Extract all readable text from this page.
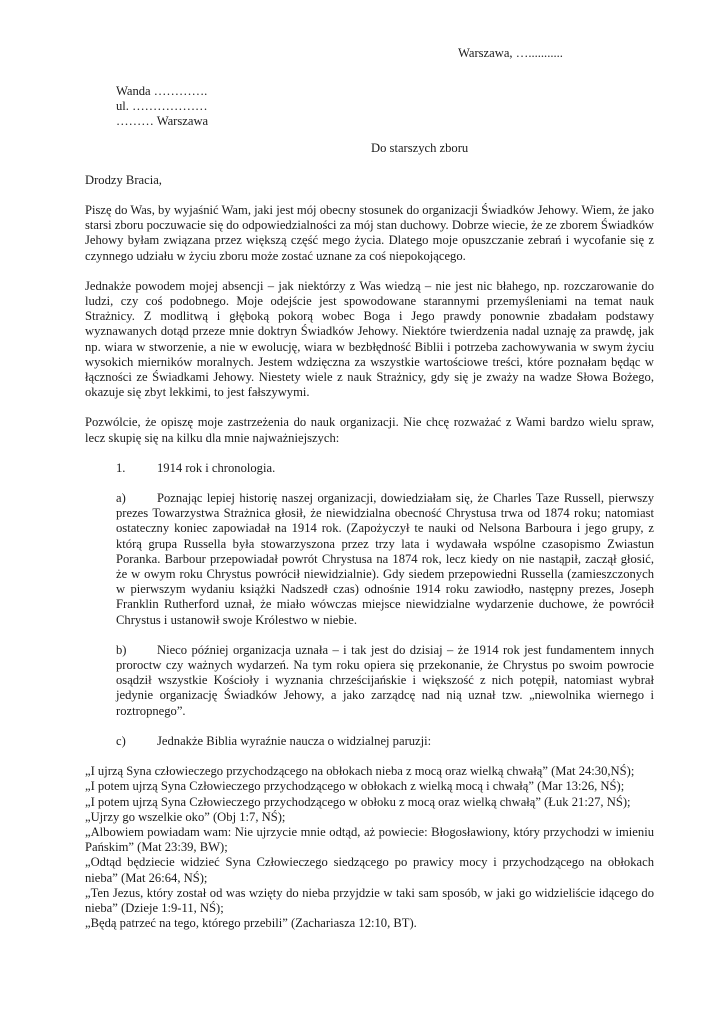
Warszawa, …...........
Wanda ………….
ul. ………………
……… Warszawa
Do starszych zboru
Drodzy Bracia,

Piszę do Was, by wyjaśnić Wam, jaki jest mój obecny stosunek do organizacji Świadków Jehowy. Wiem, że jako starsi zboru poczuwacie się do odpowiedzialności za mój stan duchowy. Dobrze wiecie, że ze zborem Świadków Jehowy byłam związana przez większą część mego życia. Dlatego moje opuszczanie zebrań i wycofanie się z czynnego udziału w życiu zboru może zostać uznane za coś niepokojącego.

Jednakże powodem mojej absencji – jak niektórzy z Was wiedzą – nie jest nic błahego, np. rozczarowanie do ludzi, czy coś podobnego. Moje odejście jest spowodowane starannymi przemyśleniami na temat nauk Strażnicy. Z modlitwą i głęboką pokorą wobec Boga i Jego prawdy ponownie zbadałam podstawy wyznawanych dotąd przeze mnie doktryn Świadków Jehowy. Niektóre twierdzenia nadal uznaję za prawdę, jak np. wiara w stworzenie, a nie w ewolucję, wiara w bezbłędność Biblii i potrzeba zachowywania w swym życiu wysokich mierników moralnych. Jestem wdzięczna za wszystkie wartościowe treści, które poznałam będąc w łączności ze Świadkami Jehowy. Niestety wiele z nauk Strażnicy, gdy się je zważy na wadze Słowa Bożego, okazuje się zbyt lekkimi, to jest fałszywymi.

Pozwólcie, że opiszę moje zastrzeżenia do nauk organizacji. Nie chcę rozważać z Wami bardzo wielu spraw, lecz skupię się na kilku dla mnie najważniejszych:

1.	1914 rok i chronologia.
a) Poznając lepiej historię naszej organizacji, dowiedziałam się, że Charles Taze Russell, pierwszy prezes Towarzystwa Strażnica głosił, że niewidzialna obecność Chrystusa trwa od 1874 roku; natomiast ostateczny koniec zapowiadał na 1914 rok. (Zapożyczył te nauki od Nelsona Barboura i jego grupy, z którą grupa Russella była stowarzyszona przez trzy lata i wydawała wspólne czasopismo Zwiastun Poranka. Barbour przepowiadał powrót Chrystusa na 1874 rok, lecz kiedy on nie nastąpił, zaczął głosić, że w owym roku Chrystus powrócił niewidzialnie). Gdy siedem przepowiedni Russella (zamieszczonych w pierwszym wydaniu książki Nadszedł czas) odnośnie 1914 roku zawiodło, następny prezes, Joseph Franklin Rutherford uznał, że miało wówczas miejsce niewidzialne wydarzenie duchowe, że powrócił Chrystus i ustanowił swoje Królestwo w niebie.
b) Nieco później organizacja uznała – i tak jest do dzisiaj – że 1914 rok jest fundamentem innych proroctw czy ważnych wydarzeń. Na tym roku opiera się przekonanie, że Chrystus po swoim powrocie osądził wszystkie Kościoły i wyznania chrześcijańskie i większość z nich potępił, natomiast wybrał jedynie organizację Świadków Jehowy, a jako zarządcę nad nią uznał tzw. „niewolnika wiernego i roztropnego”.
c) Jednakże Biblia wyraźnie naucza o widzialnej paruzji:
„I ujrzą Syna człowieczego przychodzącego na obłokach nieba z mocą oraz wielką chwałą” (Mat 24:30,NŚ);
„I potem ujrzą Syna Człowieczego przychodzącego w obłokach z wielką mocą i chwałą” (Mar 13:26, NŚ);
„I potem ujrzą Syna Człowieczego przychodzącego w obłoku z mocą oraz wielką chwałą” (Łuk 21:27, NŚ);
„Ujrzy go wszelkie oko” (Obj 1:7, NŚ);
„Albowiem powiadam wam: Nie ujrzycie mnie odtąd, aż powiecie: Błogosławiony, który przychodzi w imieniu Pańskim” (Mat 23:39, BW);
„Odtąd będziecie widzieć Syna Człowieczego siedzącego po prawicy mocy i przychodzącego na obłokach nieba” (Mat 26:64, NŚ);
„Ten Jezus, który został od was wzięty do nieba przyjdzie w taki sam sposób, w jaki go widzieliście idącego do nieba” (Dzieje 1:9-11, NŚ);
„Będą patrzeć na tego, którego przebili” (Zachariasza 12:10, BT).
